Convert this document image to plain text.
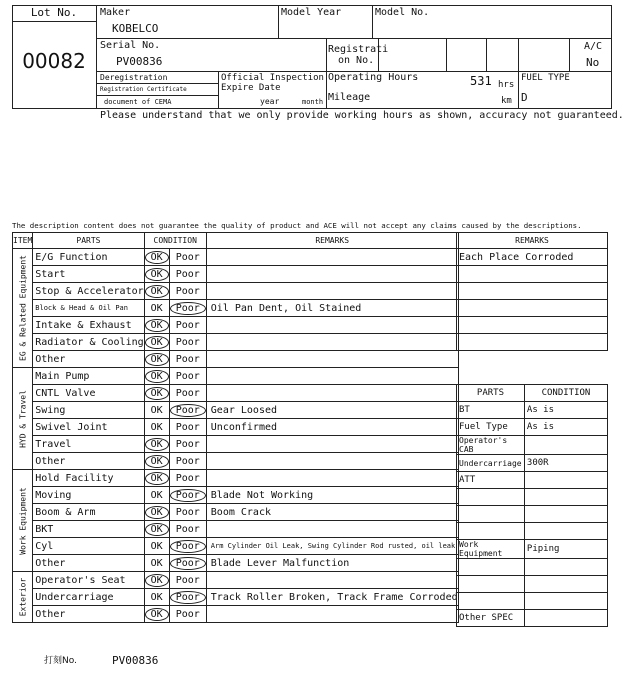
Lot No.
00082
Maker
KOBELCO
Model Year	Model No.
Serial No.
PV00836
Registrati
on No.
A/C
No
Deregistration
Registration Certificate
document of CEMA
Official Inspection
Expire Date
year	month
Operating Hours	531 hrs
Mileage	km
FUEL TYPE
D
Please understand that we only provide working hours as shown, accuracy not guaranteed.
The description content does not guarantee the quality of product and ACE will not accept any claims caused by the descriptions.
ITEM	PARTS	CONDITION		REMARKS

EG & Related Equipment	E/G Function	OK	Poor	
	Start	OK	Poor	
	Stop & Accelerator	OK	Poor	
	Block & Head & Oil Pan	OK	Poor	Oil Pan Dent, Oil Stained
	Intake & Exhaust	OK	Poor	
	Radiator & Cooling	OK	Poor	
	Other	OK	Poor	

HYD & Travel	Main Pump	OK	Poor	
	CNTL Valve	OK	Poor	
	Swing	OK	Poor	Gear Loosed
	Swivel Joint	OK	Poor	Unconfirmed
	Travel	OK	Poor	
	Other	OK	Poor	

Work Equipment	Hold Facility	OK	Poor	
	Moving	OK	Poor	Blade Not Working
	Boom & Arm	OK	Poor	Boom Crack
	BKT	OK	Poor	
	Cyl	OK	Poor	Arm Cylinder Oil Leak, Swing Cylinder Rod rusted, oil leak
	Other	OK	Poor	Blade Lever Malfunction

Exterior	Operator's Seat	OK	Poor	
	Undercarriage	OK	Poor	Track Roller Broken, Track Frame Corroded
	Other	OK	Poor	
REMARKS
Each Place Corroded

PARTS	CONDITION
BT	As is
Fuel Type	As is
Operator's CAB	
Undercarriage	300R
ATT	

Work Equipment	Piping

Other SPEC	
打刻No.	PV00836
